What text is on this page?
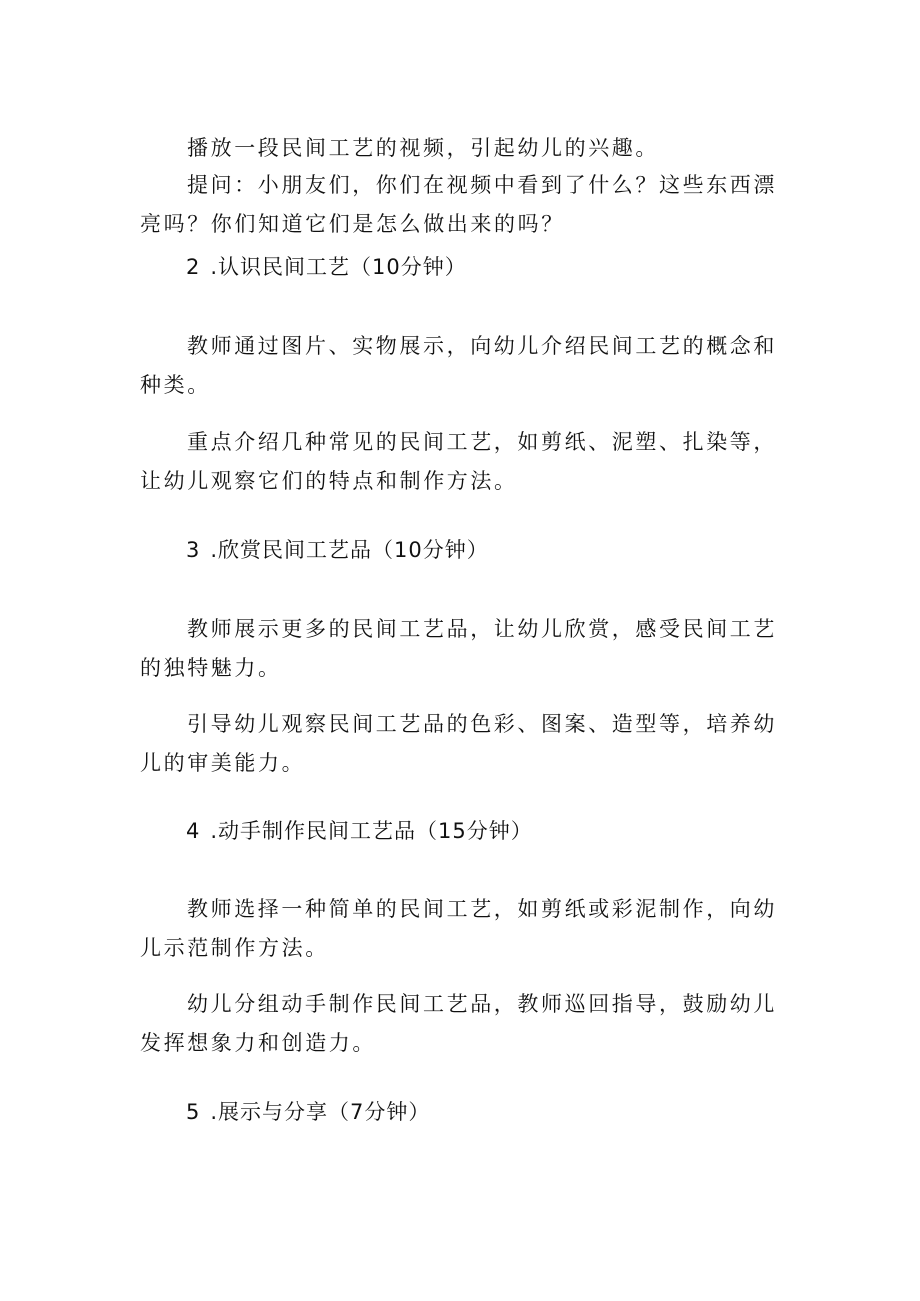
播放一段民间工艺的视频，引起幼儿的兴趣。

提问：小朋友们，你们在视频中看到了什么？这些东西漂亮吗？你们知道它们是怎么做出来的吗？

2 .认识民间工艺（10分钟）

教师通过图片、实物展示，向幼儿介绍民间工艺的概念和种类。

重点介绍几种常见的民间工艺，如剪纸、泥塑、扎染等，让幼儿观察它们的特点和制作方法。

3 .欣赏民间工艺品（10分钟）

教师展示更多的民间工艺品，让幼儿欣赏，感受民间工艺的独特魅力。

引导幼儿观察民间工艺品的色彩、图案、造型等，培养幼儿的审美能力。

4 .动手制作民间工艺品（15分钟）

教师选择一种简单的民间工艺，如剪纸或彩泥制作，向幼儿示范制作方法。

幼儿分组动手制作民间工艺品，教师巡回指导，鼓励幼儿发挥想象力和创造力。

5 .展示与分享（7分钟）
